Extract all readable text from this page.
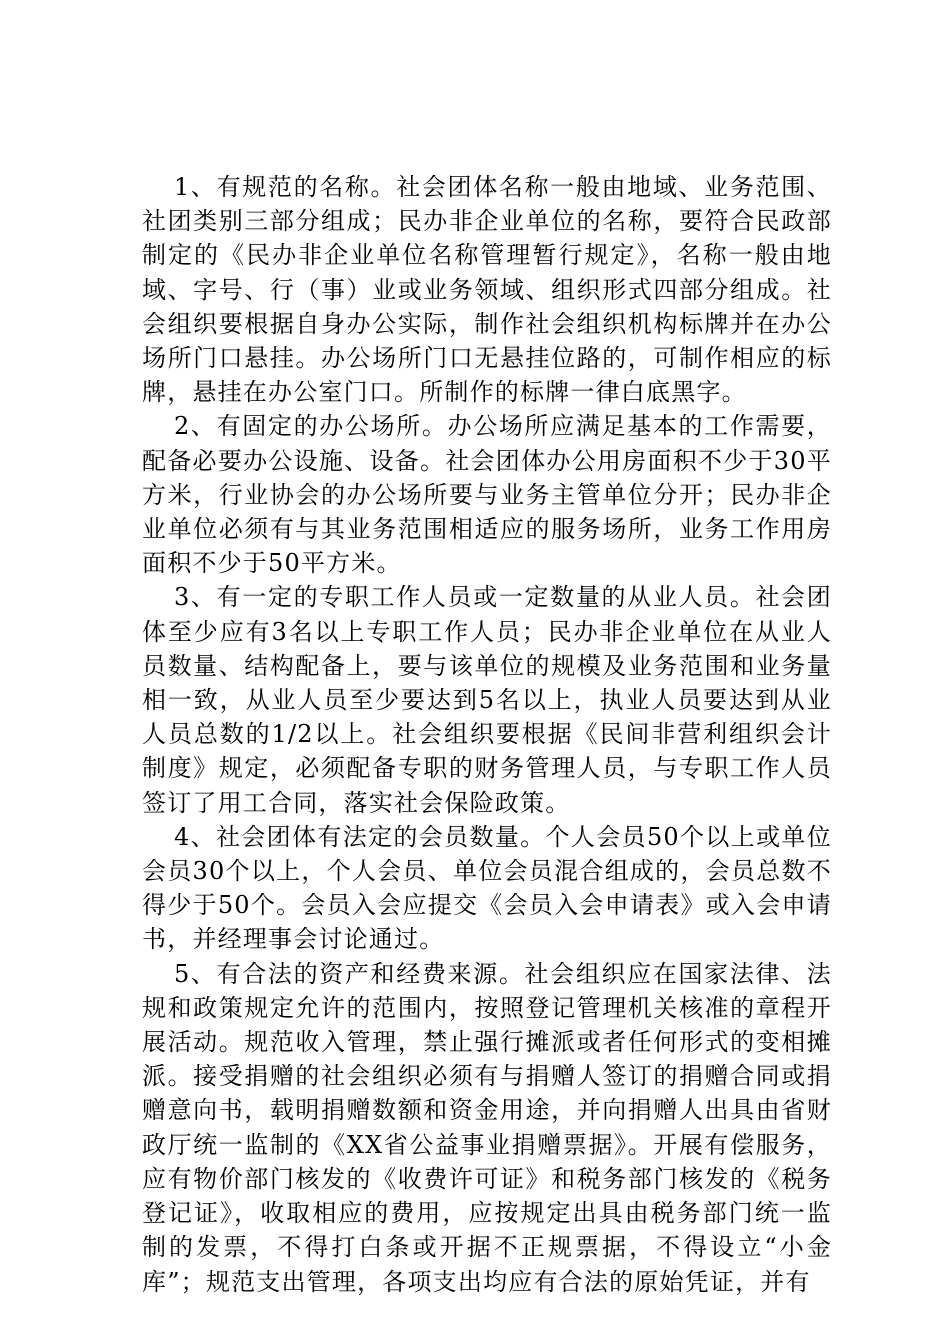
1、有规范的名称。社会团体名称一般由地域、业务范围、社团类别三部分组成；民办非企业单位的名称，要符合民政部制定的《民办非企业单位名称管理暂行规定》，名称一般由地域、字号、行（事）业或业务领域、组织形式四部分组成。社会组织要根据自身办公实际，制作社会组织机构标牌并在办公场所门口悬挂。办公场所门口无悬挂位路的，可制作相应的标牌，悬挂在办公室门口。所制作的标牌一律白底黑字。

2、有固定的办公场所。办公场所应满足基本的工作需要，配备必要办公设施、设备。社会团体办公用房面积不少于30平方米，行业协会的办公场所要与业务主管单位分开；民办非企业单位必须有与其业务范围相适应的服务场所，业务工作用房面积不少于50平方米。

3、有一定的专职工作人员或一定数量的从业人员。社会团体至少应有3名以上专职工作人员；民办非企业单位在从业人员数量、结构配备上，要与该单位的规模及业务范围和业务量相一致，从业人员至少要达到5名以上，执业人员要达到从业人员总数的1/2以上。社会组织要根据《民间非营利组织会计制度》规定，必须配备专职的财务管理人员，与专职工作人员签订了用工合同，落实社会保险政策。

4、社会团体有法定的会员数量。个人会员50个以上或单位会员30个以上，个人会员、单位会员混合组成的，会员总数不得少于50个。会员入会应提交《会员入会申请表》或入会申请书，并经理事会讨论通过。

5、有合法的资产和经费来源。社会组织应在国家法律、法规和政策规定允许的范围内，按照登记管理机关核准的章程开展活动。规范收入管理，禁止强行摊派或者任何形式的变相摊派。接受捐赠的社会组织必须有与捐赠人签订的捐赠合同或捐赠意向书，载明捐赠数额和资金用途，并向捐赠人出具由省财政厅统一监制的《XX省公益事业捐赠票据》。开展有偿服务，应有物价部门核发的《收费许可证》和税务部门核发的《税务登记证》，收取相应的费用，应按规定出具由税务部门统一监制的发票，不得打白条或开据不正规票据，不得设立“小金库”；规范支出管理，各项支出均应有合法的原始凭证，并有
